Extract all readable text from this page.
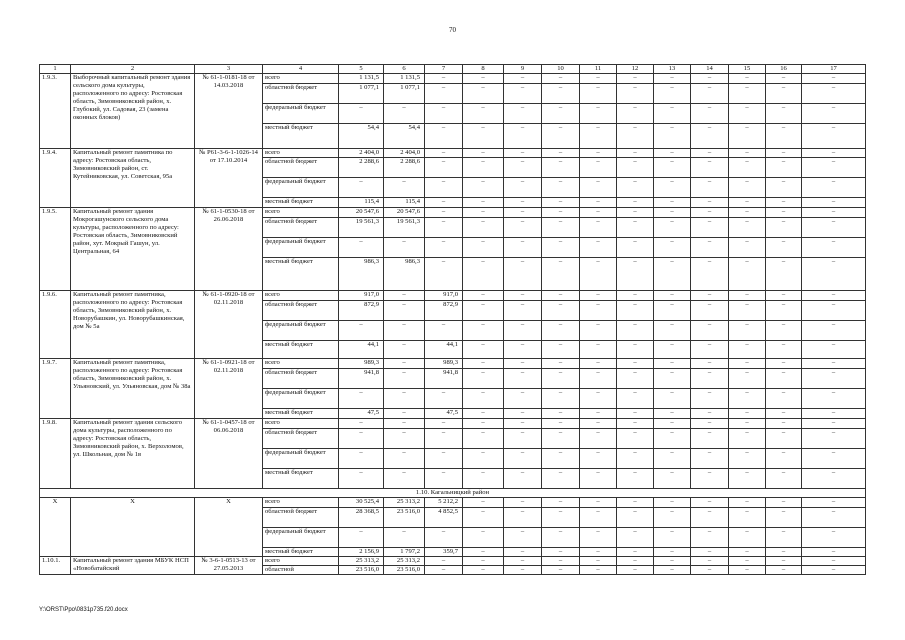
70
1	2	3	4	5	6	7	8	9	10	11	12	13	14	15	16	17
1.9.3.	Выборочный капитальный ремонт здания сельского дома культуры, расположенного по адресу: Ростовская область, Зимовниковский район, х. Глубокий, ул. Садовая, 23 (замена оконных блоков)	№ 61-1-0181-18 от 14.03.2018	всего	1 131,5	1 131,5	–	–	–	–	–	–	–	–	–	–	–
			областной бюджет	1 077,1	1 077,1	–	–	–	–	–	–	–	–	–	–	–
			федеральный бюджет	–	–	–	–	–	–	–	–	–	–	–	–	–
			местный бюджет	54,4	54,4	–	–	–	–	–	–	–	–	–	–	–
1.9.4.	Капитальный ремонт памятника по адресу: Ростовская область, Зимовниковский район, ст. Кутейниковская, ул. Советская, 95а	№ Р61-3-6-1-1026-14 от 17.10.2014	всего	2 404,0	2 404,0	–	–	–	–	–	–	–	–	–	–	–
			областной бюджет	2 288,6	2 288,6	–	–	–	–	–	–	–	–	–	–	–
			федеральный бюджет	–	–	–	–	–	–	–	–	–	–	–	–	–
			местный бюджет	115,4	115,4	–	–	–	–	–	–	–	–	–	–	–
1.9.5.	Капитальный ремонт здания Мокрогашунского сельского дома культуры, расположенного по адресу: Ростовская область, Зимовниковский район, хут. Мокрый Гашун, ул. Центральная, 64	№ 61-1-0530-18 от 26.06.2018	всего	20 547,6	20 547,6	–	–	–	–	–	–	–	–	–	–	–
			областной бюджет	19 561,3	19 561,3	–	–	–	–	–	–	–	–	–	–	–
			федеральный бюджет	–	–	–	–	–	–	–	–	–	–	–	–	–
			местный бюджет	986,3	986,3	–	–	–	–	–	–	–	–	–	–	–
1.9.6.	Капитальный ремонт памятника, расположенного по адресу: Ростовская область, Зимовниковский район, х. Новорубашкин, ул. Новорубашкинская, дом № 5а	№ 61-1-0920-18 от 02.11.2018	всего	917,0	–	917,0	–	–	–	–	–	–	–	–	–	–
			областной бюджет	872,9	–	872,9	–	–	–	–	–	–	–	–	–	–
			федеральный бюджет	–	–	–	–	–	–	–	–	–	–	–	–	–
			местный бюджет	44,1	–	44,1	–	–	–	–	–	–	–	–	–	–
1.9.7.	Капитальный ремонт памятника, расположенного по адресу: Ростовская область, Зимовниковский район, х. Ульяновский, ул. Ульяновская, дом № 38а	№ 61-1-0921-18 от 02.11.2018	всего	989,3	–	989,3	–	–	–	–	–	–	–	–	–	–
			областной бюджет	941,8	–	941,8	–	–	–	–	–	–	–	–	–	–
			федеральный бюджет	–	–	–	–	–	–	–	–	–	–	–	–	–
			местный бюджет	47,5	–	47,5	–	–	–	–	–	–	–	–	–	–
1.9.8.	Капитальный ремонт здания сельского дома культуры, расположенного по адресу: Ростовская область, Зимовниковский район, х. Верхоломов, ул. Школьная, дом № 1в	№ 61-1-0457-18 от 06.06.2018	всего	–	–	–	–	–	–	–	–	–	–	–	–	–
			областной бюджет	–	–	–	–	–	–	–	–	–	–	–	–	–
			федеральный бюджет	–	–	–	–	–	–	–	–	–	–	–	–	–
			местный бюджет	–	–	–	–	–	–	–	–	–	–	–	–	–
1.10. Кагальницкий район																
Х	Х	Х	всего	30 525,4	25 313,2	5 212,2	–	–	–	–	–	–	–	–	–	–
			областной бюджет	28 368,5	23 516,0	4 852,5	–	–	–	–	–	–	–	–	–	–
			федеральный бюджет	–	–	–	–	–	–	–	–	–	–	–	–	–
			местный бюджет	2 156,9	1 797,2	359,7	–	–	–	–	–	–	–	–	–	–
1.10.1.	Капитальный ремонт здания МБУК НСП «Новобатайский	№ 3-6-1-0513-13 от 27.05.2013	всего	25 313,2	25 313,2	–	–	–	–	–	–	–	–	–	–	–
			областной	23 516,0	23 516,0	–	–	–	–	–	–	–	–	–	–	–
Y:\ORST\Ppo\0831p735.f20.docx
